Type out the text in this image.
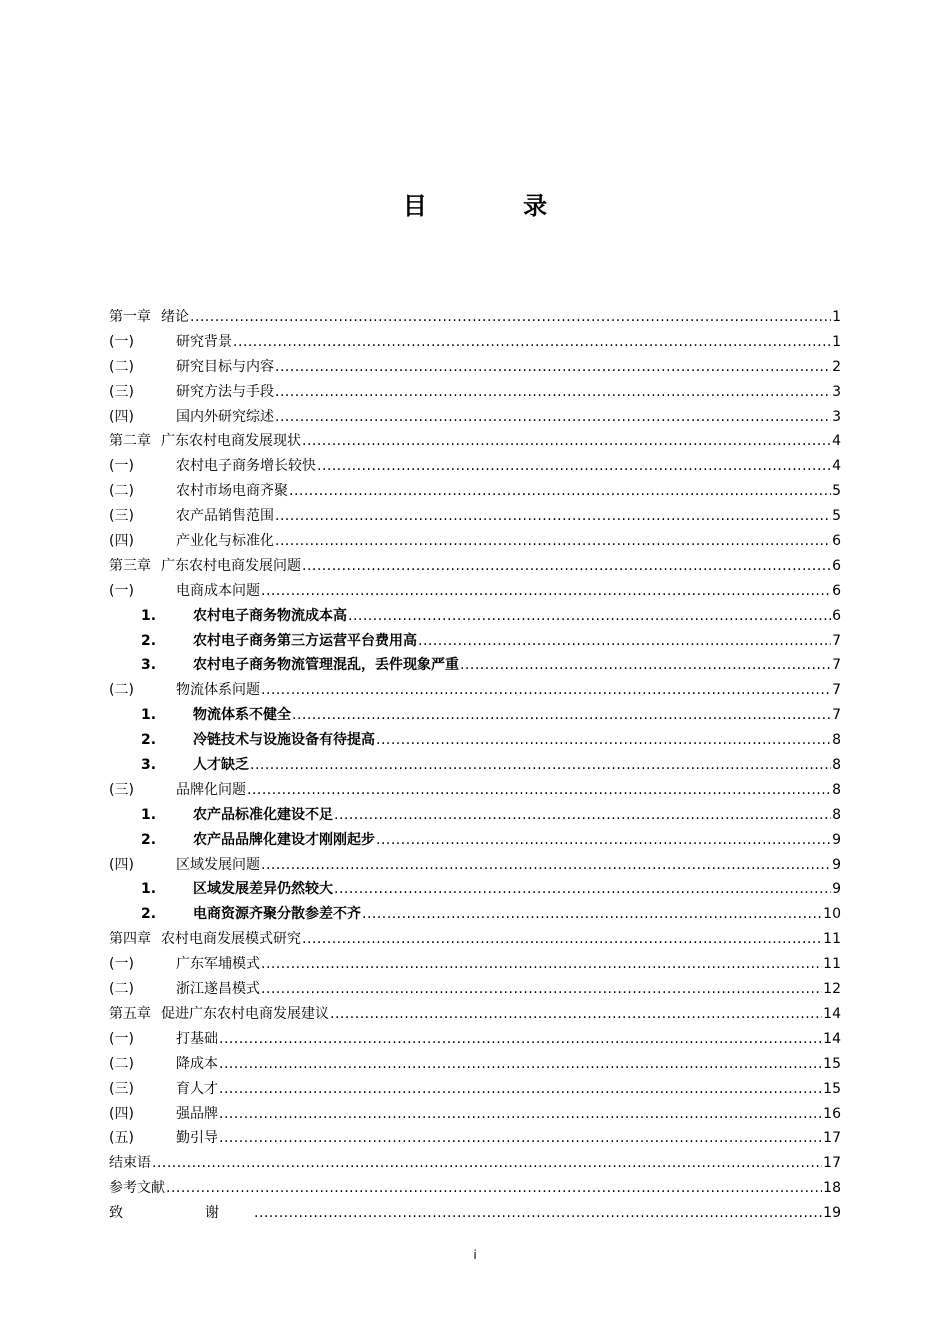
目 录
第一章 绪论 .....	1
(一)	研究背景 .....	1
(二)	研究目标与内容 .....	2
(三)	研究方法与手段 .....	3
(四)	国内外研究综述 .....	3
第二章 广东农村电商发展现状 .....	4
(一)	农村电子商务增长较快 .....	4
(二)	农村市场电商齐聚 .....	5
(三)	农产品销售范围 .....	5
(四)	产业化与标准化 .....	6
第三章 广东农村电商发展问题 .....	6
(一)	电商成本问题 .....	6
1.	农村电子商务物流成本高 .....	6
2.	农村电子商务第三方运营平台费用高 .....	7
3.	农村电子商务物流管理混乱，丢件现象严重 .....	7
(二)	物流体系问题 .....	7
1.	物流体系不健全 .....	7
2.	冷链技术与设施设备有待提高 .....	8
3.	人才缺乏 .....	8
(三)	品牌化问题 .....	8
1.	农产品标准化建设不足 .....	8
2.	农产品品牌化建设才刚刚起步 .....	9
(四)	区域发展问题 .....	9
1.	区域发展差异仍然较大 .....	9
2.	电商资源齐聚分散参差不齐 .....	10
第四章 农村电商发展模式研究 .....	11
(一)	广东军埔模式 .....	11
(二)	浙江遂昌模式 .....	12
第五章 促进广东农村电商发展建议 .....	14
(一)	打基础 .....	14
(二)	降成本 .....	15
(三)	育人才 .....	15
(四)	强品牌 .....	16
(五)	勤引导 .....	17
结束语 .....	17
参考文献 .....	18
致　谢 .....	19
i
